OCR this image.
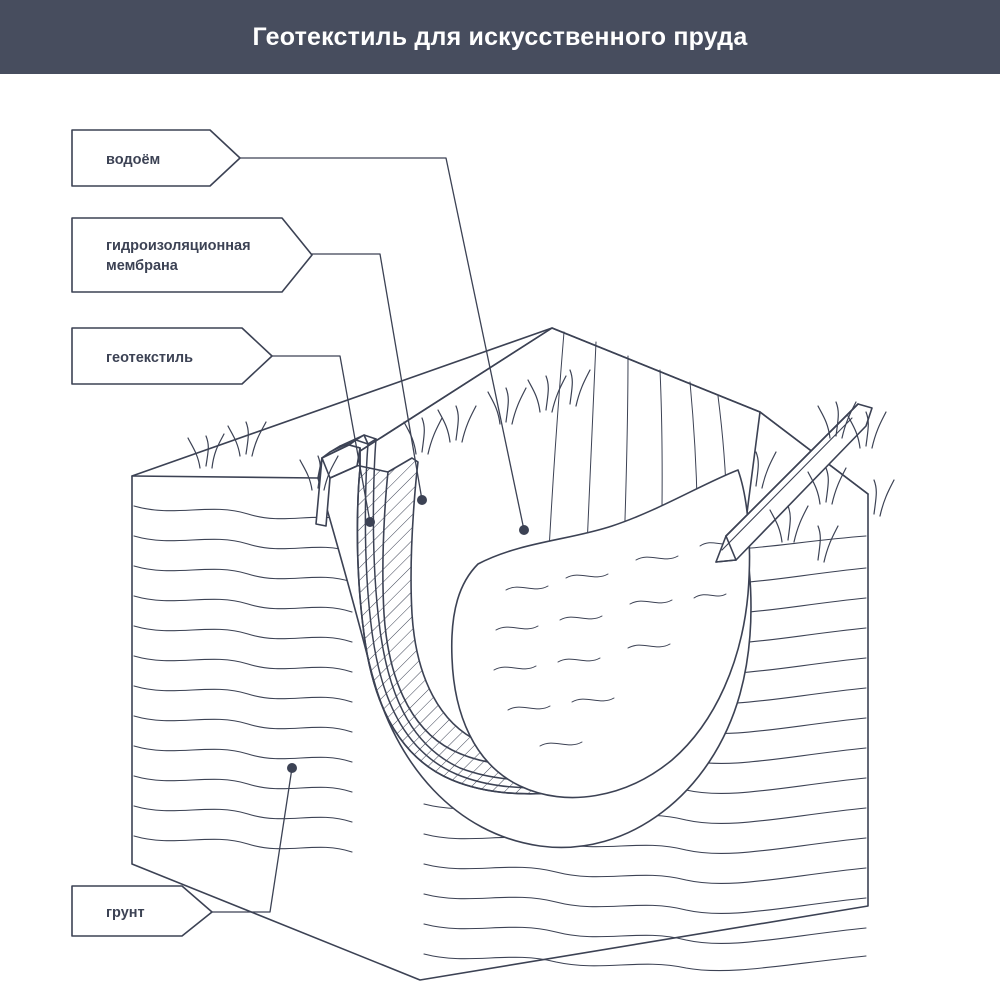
Геотекстиль для искусственного пруда
водоём
гидроизоляционная
мембрана
геотекстиль
грунт
